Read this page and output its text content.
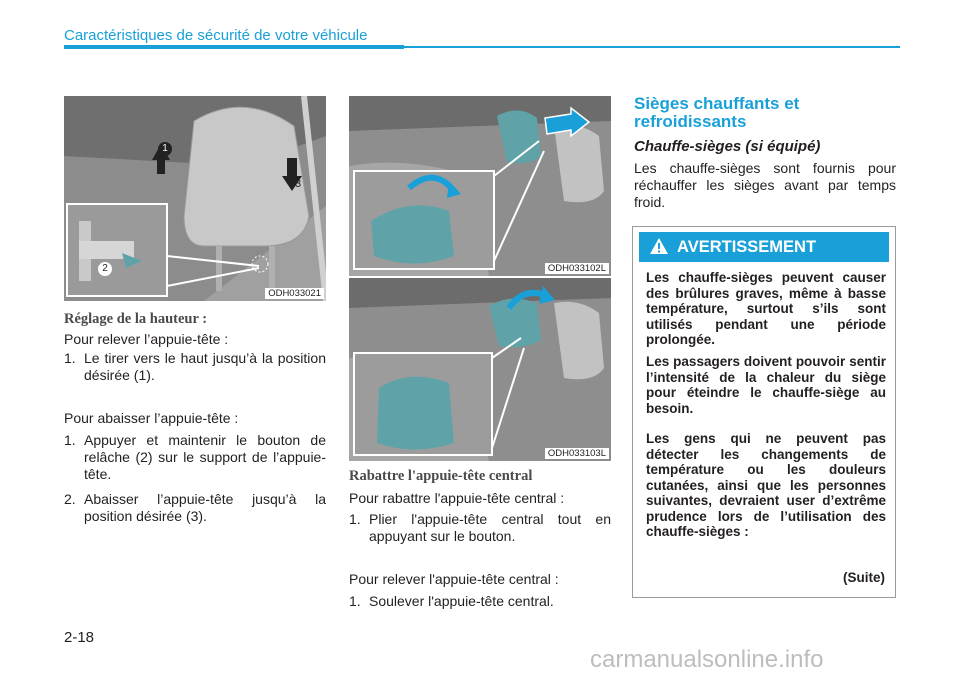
Caractéristiques de sécurité de votre véhicule
1
2
3
ODH033021
ODH033102L
ODH033103L
Réglage de la hauteur :
Pour relever l’appuie-tête :
1. Le tirer vers le haut jusqu’à la position désirée (1).
Pour abaisser l’appuie-tête :
1. Appuyer et maintenir le bouton de relâche (2) sur le support de l’appuie-tête.
2. Abaisser l’appuie-tête jusqu’à la position désirée (3).
Rabattre l'appuie-tête central
Pour rabattre l'appuie-tête central :
1. Plier l'appuie-tête central tout en appuyant sur le bouton.
Pour relever l'appuie-tête central :
1. Soulever l'appuie-tête central.
Sièges chauffants et refroidissants
Chauffe-sièges (si équipé)
Les chauffe-sièges sont fournis pour réchauffer les sièges avant par temps froid.
AVERTISSEMENT
Les chauffe-sièges peuvent causer des brûlures graves, même à basse température, surtout s’ils sont utilisés pendant une période prolongée.
Les passagers doivent pouvoir sentir l’intensité de la chaleur du siège pour éteindre le chauffe-siège au besoin.
Les gens qui ne peuvent pas détecter les changements de température ou les douleurs cutanées, ainsi que les personnes suivantes, devraient user d’extrême prudence lors de l’utilisation des chauffe-sièges :
(Suite)
2-18
carmanualsonline.info
